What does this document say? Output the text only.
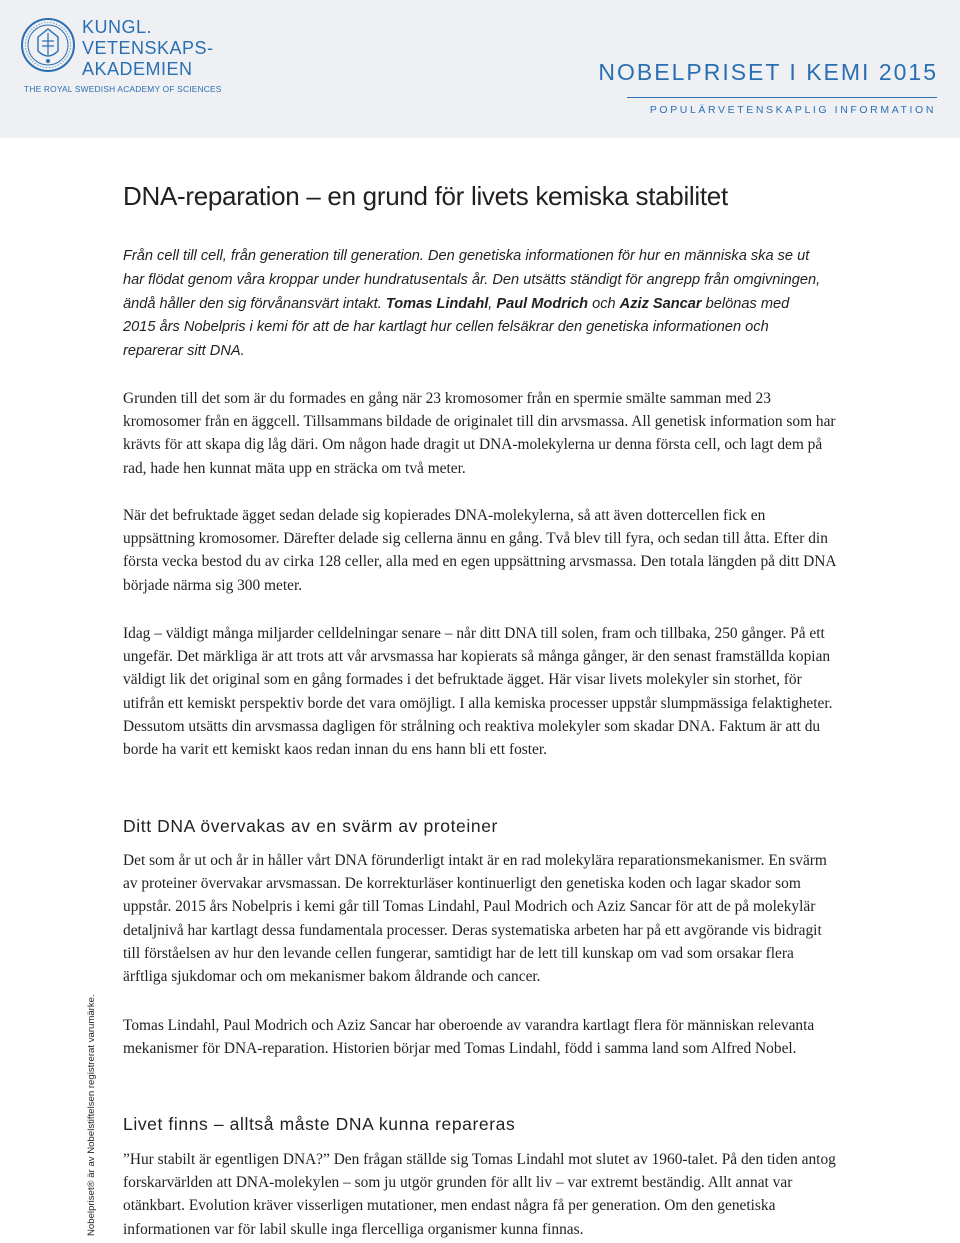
KUNGL.
VETENSKAPS-
AKADEMIEN
THE ROYAL SWEDISH ACADEMY OF SCIENCES
NOBELPRISET I KEMI 2015
POPULÄRVETENSKAPLIG INFORMATION
DNA-reparation – en grund för livets kemiska stabilitet

Från cell till cell, från generation till generation. Den genetiska informationen för hur en människa ska se ut har flödat genom våra kroppar under hundratusentals år. Den utsätts ständigt för angrepp från omgivningen, ändå håller den sig förvånansvärt intakt. Tomas Lindahl, Paul Modrich och Aziz Sancar belönas med 2015 års Nobelpris i kemi för att de har kartlagt hur cellen felsäkrar den genetiska informationen och reparerar sitt DNA.

Grunden till det som är du formades en gång när 23 kromosomer från en spermie smälte samman med 23 kromosomer från en äggcell. Tillsammans bildade de originalet till din arvsmassa. All genetisk information som har krävts för att skapa dig låg däri. Om någon hade dragit ut DNA-molekylerna ur denna första cell, och lagt dem på rad, hade hen kunnat mäta upp en sträcka om två meter.

När det befruktade ägget sedan delade sig kopierades DNA-molekylerna, så att även dottercellen fick en uppsättning kromosomer. Därefter delade sig cellerna ännu en gång. Två blev till fyra, och sedan till åtta. Efter din första vecka bestod du av cirka 128 celler, alla med en egen uppsättning arvsmassa. Den totala längden på ditt DNA började närma sig 300 meter.

Idag – väldigt många miljarder celldelningar senare – når ditt DNA till solen, fram och tillbaka, 250 gånger. På ett ungefär. Det märkliga är att trots att vår arvsmassa har kopierats så många gånger, är den senast framställda kopian väldigt lik det original som en gång formades i det befruktade ägget. Här visar livets molekyler sin storhet, för utifrån ett kemiskt perspektiv borde det vara omöjligt. I alla kemiska processer uppstår slumpmässiga felaktigheter. Dessutom utsätts din arvsmassa dagligen för strålning och reaktiva molekyler som skadar DNA. Faktum är att du borde ha varit ett kemiskt kaos redan innan du ens hann bli ett foster.

Ditt DNA övervakas av en svärm av proteiner

Det som år ut och år in håller vårt DNA förunderligt intakt är en rad molekylära reparationsmekanismer. En svärm av proteiner övervakar arvsmassan. De korrekturläser kontinuerligt den genetiska koden och lagar skador som uppstår. 2015 års Nobelpris i kemi går till Tomas Lindahl, Paul Modrich och Aziz Sancar för att de på molekylär detaljnivå har kartlagt dessa fundamentala processer. Deras systematiska arbeten har på ett avgörande vis bidragit till förståelsen av hur den levande cellen fungerar, samtidigt har de lett till kunskap om vad som orsakar flera ärftliga sjukdomar och om mekanismer bakom åldrande och cancer.

Tomas Lindahl, Paul Modrich och Aziz Sancar har oberoende av varandra kartlagt flera för människan relevanta mekanismer för DNA-reparation. Historien börjar med Tomas Lindahl, född i samma land som Alfred Nobel.

Livet finns – alltså måste DNA kunna repareras

”Hur stabilt är egentligen DNA?” Den frågan ställde sig Tomas Lindahl mot slutet av 1960-talet. På den tiden antog forskarvärlden att DNA-molekylen – som ju utgör grunden för allt liv – var extremt beständig. Allt annat var otänkbart. Evolution kräver visserligen mutationer, men endast några få per generation. Om den genetiska informationen var för labil skulle inga flercelliga organismer kunna finnas.

Nobelpriset® är av Nobelstiftelsen registrerat varumärke.
